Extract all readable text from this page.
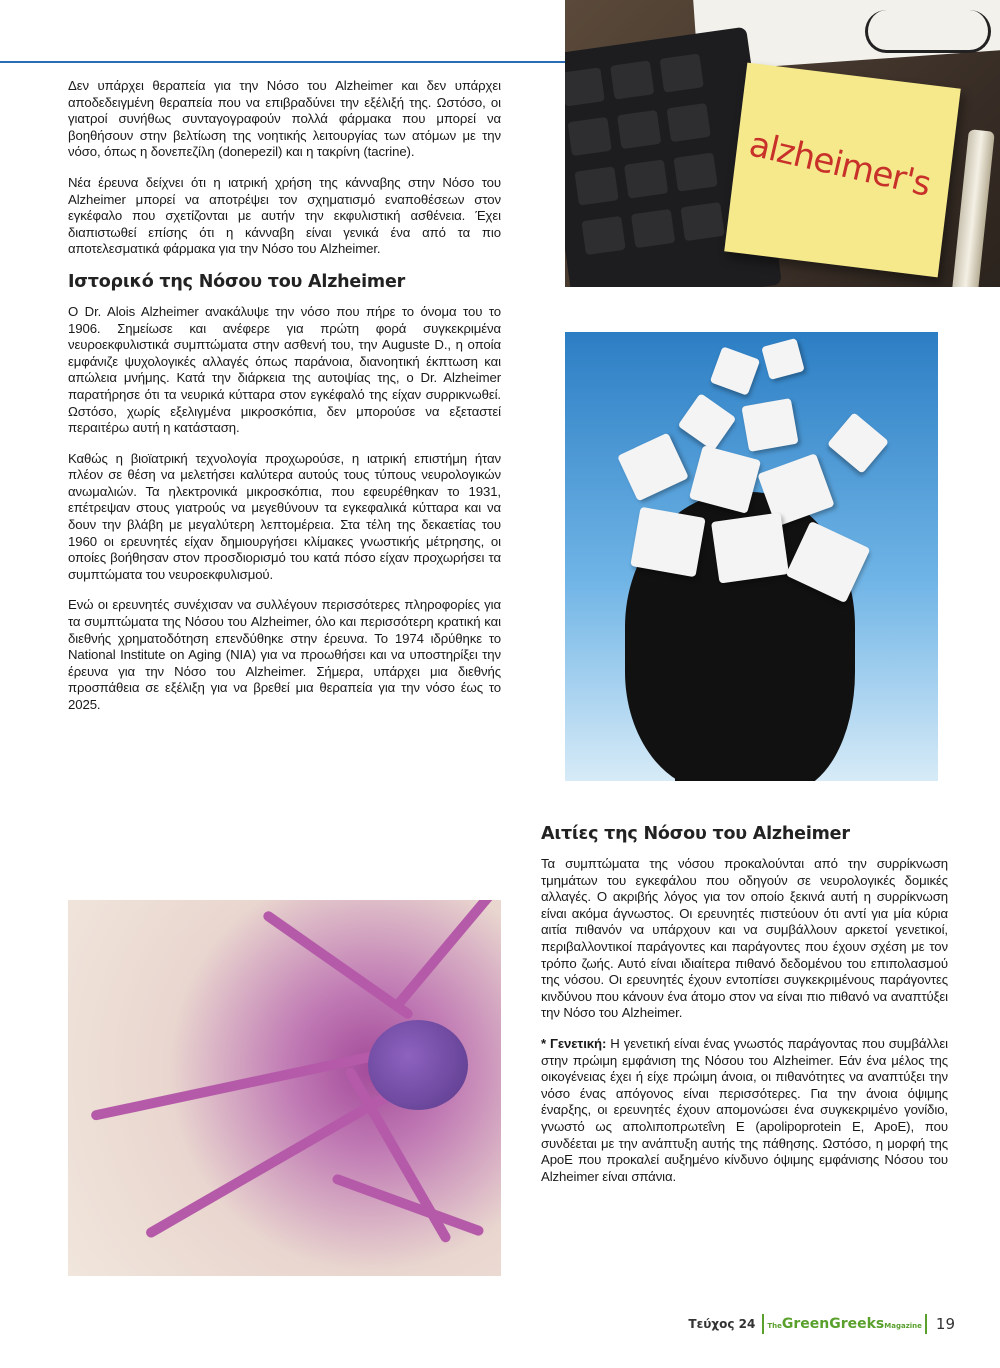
alzheimer's

Δεν υπάρχει θεραπεία για την Νόσο του Alzheimer και δεν υπάρχει αποδεδειγμένη θεραπεία που να επιβραδύνει την εξέλιξή της. Ωστόσο, οι γιατροί συνήθως συνταγογραφούν πολλά φάρμακα που μπορεί να βοηθήσουν στην βελτίωση της νοητικής λειτουργίας των ατόμων με την νόσο, όπως η δονεπεζίλη (donepezil) και η τακρίνη (tacrine).

Νέα έρευνα δείχνει ότι η ιατρική χρήση της κάνναβης στην Νόσο του Alzheimer μπορεί να αποτρέψει τον σχηματισμό εναποθέσεων στον εγκέφαλο που σχετίζονται με αυτήν την εκφυλιστική ασθένεια. Έχει διαπιστωθεί επίσης ότι η κάνναβη είναι γενικά ένα από τα πιο αποτελεσματικά φάρμακα για την Νόσο του Alzheimer.

Ιστορικό της Νόσου του Alzheimer

Ο Dr. Alois Alzheimer ανακάλυψε την νόσο που πήρε το όνομα του το 1906. Σημείωσε και ανέφερε για πρώτη φορά συγκεκριμένα νευροεκφυλιστικά συμπτώματα στην ασθενή του, την Auguste D., η οποία εμφάνιζε ψυχολογικές αλλαγές όπως παράνοια, διανοητική έκπτωση και απώλεια μνήμης. Κατά την διάρκεια της αυτοψίας της, ο Dr. Alzheimer παρατήρησε ότι τα νευρικά κύτταρα στον εγκέφαλό της είχαν συρρικνωθεί. Ωστόσο, χωρίς εξελιγμένα μικροσκόπια, δεν μπορούσε να εξεταστεί περαιτέρω αυτή η κατάσταση.

Καθώς η βιοϊατρική τεχνολογία προχωρούσε, η ιατρική επιστήμη ήταν πλέον σε θέση να μελετήσει καλύτερα αυτούς τους τύπους νευρολογικών ανωμαλιών. Τα ηλεκτρονικά μικροσκόπια, που εφευρέθηκαν το 1931, επέτρεψαν στους γιατρούς να μεγεθύνουν τα εγκεφαλικά κύτταρα και να δουν την βλάβη με μεγαλύτερη λεπτομέρεια. Στα τέλη της δεκαετίας του 1960 οι ερευνητές είχαν δημιουργήσει κλίμακες γνωστικής μέτρησης, οι οποίες βοήθησαν στον προσδιορισμό του κατά πόσο είχαν προχωρήσει τα συμπτώματα του νευροεκφυλισμού.

Ενώ οι ερευνητές συνέχισαν να συλλέγουν περισσότερες πληροφορίες για τα συμπτώματα της Νόσου του Alzheimer, όλο και περισσότερη κρατική και διεθνής χρηματοδότηση επενδύθηκε στην έρευνα. Το 1974 ιδρύθηκε το National Institute on Aging (NIA) για να προωθήσει και να υποστηρίξει την έρευνα για την Νόσο του Alzheimer. Σήμερα, υπάρχει μια διεθνής προσπάθεια σε εξέλιξη για να βρεθεί μια θεραπεία για την νόσο έως το 2025.

Αιτίες της Νόσου του Alzheimer

Τα συμπτώματα της νόσου προκαλούνται από την συρρίκνωση τμημάτων του εγκεφάλου που οδηγούν σε νευρολογικές δομικές αλλαγές. Ο ακριβής λόγος για τον οποίο ξεκινά αυτή η συρρίκνωση είναι ακόμα άγνωστος. Οι ερευνητές πιστεύουν ότι αντί για μία κύρια αιτία πιθανόν να υπάρχουν και να συμβάλλουν αρκετοί γενετικοί, περιβαλλοντικοί παράγοντες και παράγοντες που έχουν σχέση με τον τρόπο ζωής. Αυτό είναι ιδιαίτερα πιθανό δεδομένου του επιπολασμού της νόσου. Οι ερευνητές έχουν εντοπίσει συγκεκριμένους παράγοντες κινδύνου που κάνουν ένα άτομο στον να είναι πιο πιθανό να αναπτύξει την Νόσο του Alzheimer.

* Γενετική: Η γενετική είναι ένας γνωστός παράγοντας που συμβάλλει στην πρώιμη εμφάνιση της Νόσου του Alzheimer. Εάν ένα μέλος της οικογένειας έχει ή είχε πρώιμη άνοια, οι πιθανότητες να αναπτύξει την νόσο ένας απόγονος είναι περισσότερες. Για την άνοια όψιμης έναρξης, οι ερευνητές έχουν απομονώσει ένα συγκεκριμένο γονίδιο, γνωστό ως απολιποπρωτεΐνη Ε (apolipoprotein E, ApoE), που συνδέεται με την ανάπτυξη αυτής της πάθησης. Ωστόσο, η μορφή της ApoE που προκαλεί αυξημένο κίνδυνο όψιμης εμφάνισης Νόσου του Alzheimer είναι σπάνια.

Τεύχος 24 TheGreenGreeksMagazine 19
